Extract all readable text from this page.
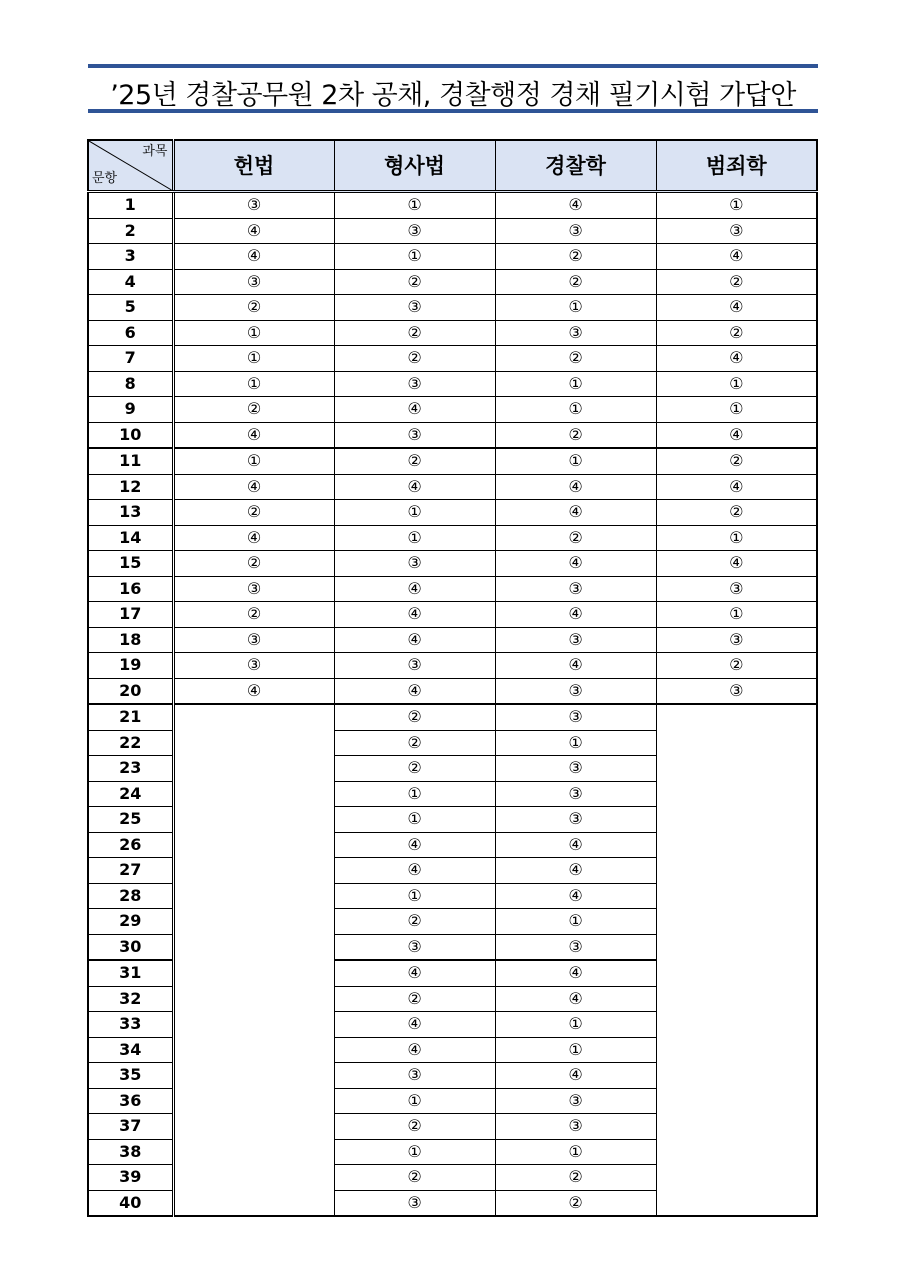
’25년 경찰공무원 2차 공채, 경찰행정 경채 필기시험 가답안
과목
문항	헌법	형사법	경찰학	범죄학
1	③	①	④	①
2	④	③	③	③
3	④	①	②	④
4	③	②	②	②
5	②	③	①	④
6	①	②	③	②
7	①	②	②	④
8	①	③	①	①
9	②	④	①	①
10	④	③	②	④
11	①	②	①	②
12	④	④	④	④
13	②	①	④	②
14	④	①	②	①
15	②	③	④	④
16	③	④	③	③
17	②	④	④	①
18	③	④	③	③
19	③	③	④	②
20	④	④	③	③
21		②	③	
22		②	①	
23		②	③	
24		①	③	
25		①	③	
26		④	④	
27		④	④	
28		①	④	
29		②	①	
30		③	③	
31		④	④	
32		②	④	
33		④	①	
34		④	①	
35		③	④	
36		①	③	
37		②	③	
38		①	①	
39		②	②	
40		③	②	
